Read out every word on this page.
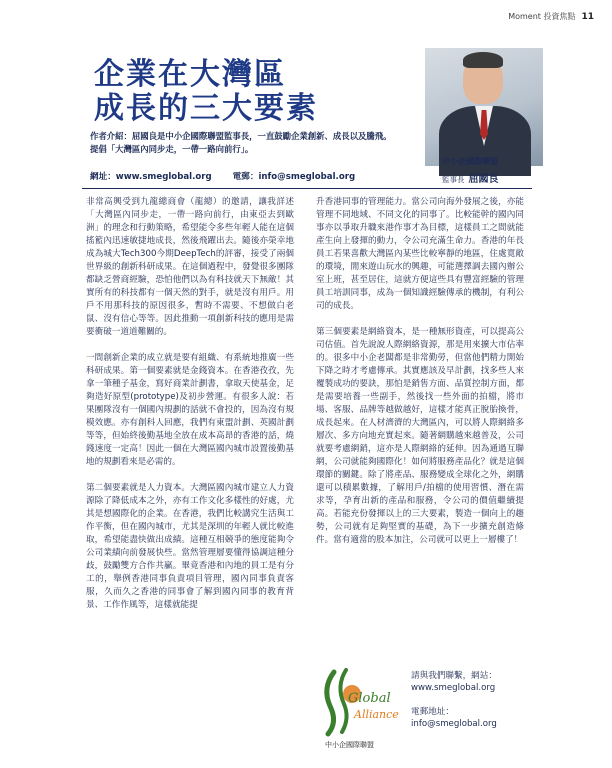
Moment 投資焦點 11
企業在大灣區
成長的三大要素
作者介紹：屈國良是中小企國際聯盟監事長，一直鼓勵企業創新、成長以及騰飛。
提倡「大灣區內同步走，一帶一路向前行」。
網址：www.smeglobal.org 電郵：info@smeglobal.org
中小企國際聯盟
監事長 屈國良

非常高興受到九龍總商會（龍總）的邀請，讓我詳述「大灣區內同步走，一帶一路向前行，由東亞去到歐洲」的理念和行動策略，希望能令多些年輕人能在這個搖籃內迅速敏捷地成長，然後飛躍出去。隨後亦榮幸地成為城大Tech300今期DeepTech的評審，接受了兩個世界級的創新科研成果。在這個過程中，發覺很多團隊都缺乏營商經驗，恐怕他們以為有科技就天下無敵！其實所有的科技都有一個天然的對手，就是沒有用戶。用戶不用那科技的原因很多，暫時不需要、不想做白老鼠、沒有信心等等。因此推動一項創新科技的應用是需要衝破一道道難關的。

一間創新企業的成立就是要有組織、有系統地推廣一些科研成果。第一個要素就是金錢資本。在香港孜孜，先拿一筆種子基金，寫好商業計劃書，拿取天使基金，足夠造好原型(prototype)及初步營運。有很多人說：若果團隊沒有一個國內規劃的話就不會投的，因為沒有規模效應。亦有創科人回應，我們有東盟計劃、英國計劃等等，但始終後勤基地全放在成本高昂的香港的話，燒錢速度一定高！因此一個在大灣區國內城市設置後勤基地的規劃看來是必需的。

第二個要素就是人力資本。大灣區國內城市建立人力資源除了降低成本之外，亦有工作文化多樣性的好處，尤其是想國際化的企業。在香港，我們比較講究生活與工作平衡，但在國內城市，尤其是深圳的年輕人就比較進取，希望能盡快做出成績。這種互相競爭的態度能夠令公司業績向前發展快些。當然管理層要懂得協調這種分歧，鼓勵雙方合作共贏。畢竟香港和內地的員工是有分工的，舉例香港同事負責項目管理，國內同事負責客服，久而久之香港的同事會了解到國內同事的教育背景、工作作風等，這樣就能提

升香港同事的管理能力。當公司向海外發展之後，亦能管理不同地域、不同文化的同事了。比較能幹的國內同事亦以爭取升職來港作事才為目標，這樣員工之間就能產生向上發揮的動力，令公司充滿生命力。香港的年長員工若果喜歡大灣區內某些比較寧靜的地區，住處寬敞的環境，閒來遊山玩水的興趣，可能選擇調去國內辦公室上班，甚至居住，這就方便這些具有豐富經驗的管理員工培訓同事，成為一個知識經驗傳承的機制，有利公司的成長。

第三個要素是網絡資本，是一種無形資產，可以提高公司估值。首先說說人際網絡資源，那是用來擴大市佔率的。很多中小企老闆都是非常勤勞，但當他們精力開始下降之時才考慮傳承。其實應該及早計劃，找多些人來覆製成功的要訣，那怕是銷售方面、品質控制方面，都是需要培養一些副手，然後找一些外面的拍檔，將市場、客服、品牌等越做越好，這樣才能真正脫胎換骨，成長起來。在人材濟濟的大灣區內，可以將人際網絡多層次、多方向地充實起來。隨著網購越來越普及，公司就要考慮網銷，這亦是人際網絡的延伸。因為通過互聯網，公司就能夠國際化！如何將服務產品化？就是這個環節的關鍵。除了將產品、服務變成全球化之外，網購還可以積累數據，了解用戶/拍檔的使用習慣、潛在需求等，孕育出新的產品和服務，令公司的價值繼續提高。若能充份發揮以上的三大要素，製造一個向上的趨勢，公司就有足夠堅實的基礎，為下一步擴充創造條件。當有適當的股本加注，公司就可以更上一層樓了！

Global
Alliance
中小企國際聯盟
請與我們聯繫，網站：
www.smeglobal.org
電郵地址：
info@smeglobal.org
